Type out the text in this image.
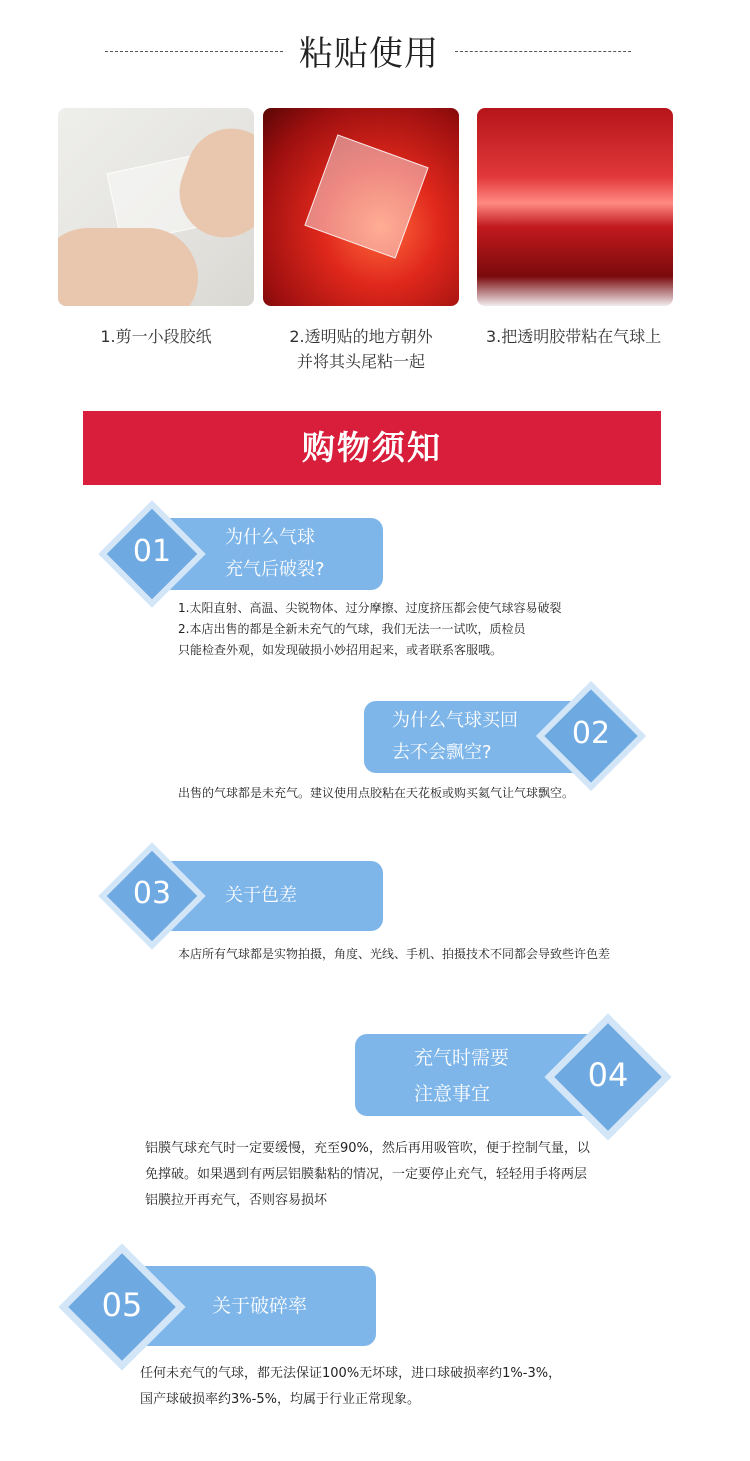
粘贴使用
1.剪一小段胶纸	2.透明贴的地方朝外
并将其头尾粘一起
3.把透明胶带粘在气球上
购物须知
01	为什么气球
充气后破裂?
1.太阳直射、高温、尖锐物体、过分摩擦、过度挤压都会使气球容易破裂
2.本店出售的都是全新未充气的气球，我们无法一一试吹，质检员
只能检查外观，如发现破损小妙招用起来，或者联系客服哦。
02
为什么气球买回
去不会飘空?
出售的气球都是未充气。建议使用点胶粘在天花板或购买氦气让气球飘空。
03	关于色差
本店所有气球都是实物拍摄，角度、光线、手机、拍摄技术不同都会导致些许色差
04
充气时需要
注意事宜
铝膜气球充气时一定要缓慢，充至90%，然后再用吸管吹，便于控制气量，以
免撑破。如果遇到有两层铝膜黏粘的情况，一定要停止充气，轻轻用手将两层
铝膜拉开再充气，否则容易损坏
05	关于破碎率
任何未充气的气球，都无法保证100%无坏球，进口球破损率约1%-3%，
国产球破损率约3%-5%，均属于行业正常现象。
